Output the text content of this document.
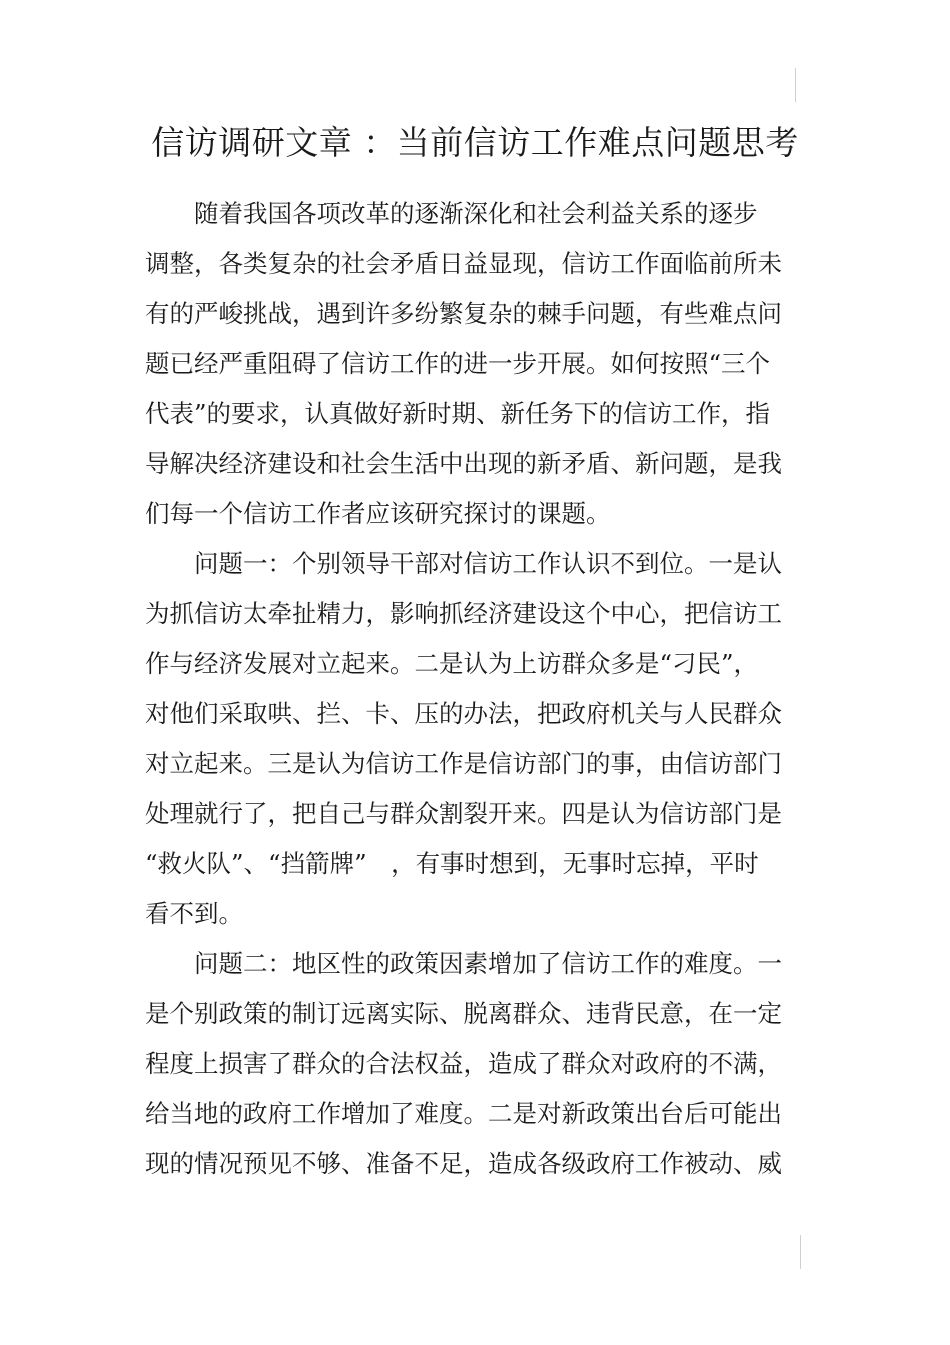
信访调研文章 ：当前信访工作难点问题思考
随着我国各项改革的逐渐深化和社会利益关系的逐步
调整，各类复杂的社会矛盾日益显现，信访工作面临前所未
有的严峻挑战，遇到许多纷繁复杂的棘手问题，有些难点问
题已经严重阻碍了信访工作的进一步开展。如何按照“三个
代表”的要求，认真做好新时期、新任务下的信访工作，指
导解决经济建设和社会生活中出现的新矛盾、新问题，是我
们每一个信访工作者应该研究探讨的课题。
问题一：个别领导干部对信访工作认识不到位。一是认
为抓信访太牵扯精力，影响抓经济建设这个中心，把信访工
作与经济发展对立起来。二是认为上访群众多是“刁民”，
对他们采取哄、拦、卡、压的办法，把政府机关与人民群众
对立起来。三是认为信访工作是信访部门的事，由信访部门
处理就行了，把自己与群众割裂开来。四是认为信访部门是
“救火队”、“挡箭牌”　，有事时想到，无事时忘掉，平时
看不到。
问题二：地区性的政策因素增加了信访工作的难度。一
是个别政策的制订远离实际、脱离群众、违背民意，在一定
程度上损害了群众的合法权益，造成了群众对政府的不满，
给当地的政府工作增加了难度。二是对新政策出台后可能出
现的情况预见不够、准备不足，造成各级政府工作被动、威
